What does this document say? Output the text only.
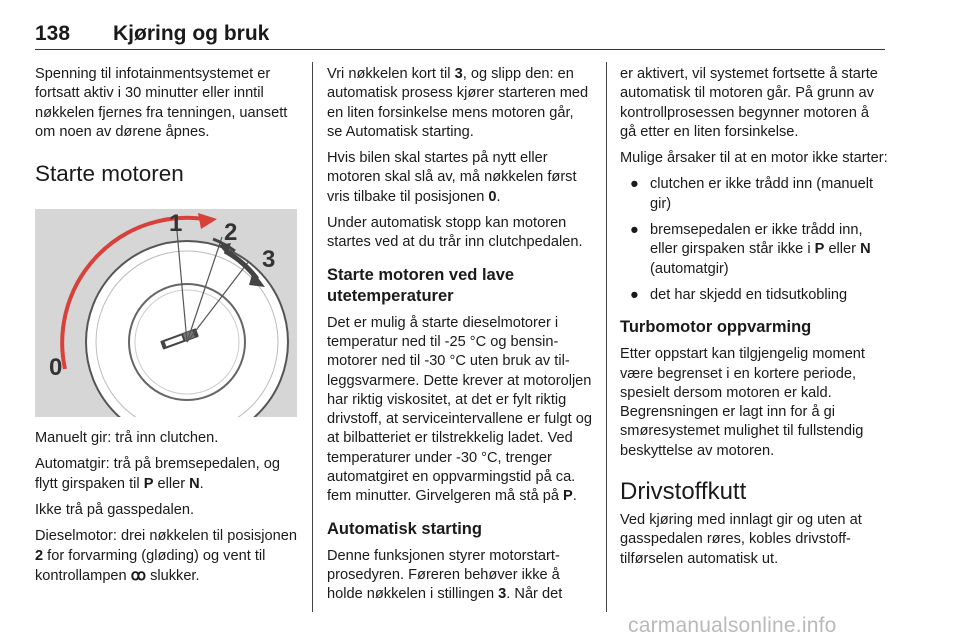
138 Kjøring og bruk

Spenning til infotainmentsystemet er fortsatt aktiv i 30 minutter eller inntil nøkkelen fjernes fra tenningen, uansett om noen av dørene åpnes.

Starte motoren
0
1 2
3

Manuelt gir: trå inn clutchen.

Automatgir: trå på bremsepedalen, og flytt girspaken til P eller N.

Ikke trå på gasspedalen.

Dieselmotor: drei nøkkelen til posisjonen 2 for forvarming (gløding) og vent til kontrollampen ꝏ slukker.

Vri nøkkelen kort til 3, og slipp den: en automatisk prosess kjører starteren med en liten forsinkelse mens motoren går, se Automatisk starting.

Hvis bilen skal startes på nytt eller motoren skal slå av, må nøkkelen først vris tilbake til posisjonen 0.

Under automatisk stopp kan motoren startes ved at du trår inn clutchpedalen.

Starte motoren ved lave utetemperaturer

Det er mulig å starte dieselmotorer i temperatur ned til -25 °C og bensinmotorer ned til -30 °C uten bruk av tilleggsvarmere. Dette krever at motoroljen har riktig viskositet, at det er fylt riktig drivstoff, at serviceintervallene er fulgt og at bilbatteriet er tilstrekkelig ladet. Ved temperaturer under -30 °C, trenger automatgiret en oppvarmingstid på ca. fem minutter. Girvelgeren må stå på P.

Automatisk starting

Denne funksjonen styrer motorstartprosedyren. Føreren behøver ikke å holde nøkkelen i stillingen 3. Når det

er aktivert, vil systemet fortsette å starte automatisk til motoren går. På grunn av kontrollprosessen begynner motoren å gå etter en liten forsinkelse.

Mulige årsaker til at en motor ikke starter:

● clutchen er ikke trådd inn (manuelt gir)
● bremsepedalen er ikke trådd inn, eller girspaken står ikke i P eller N (automatgir)
● det har skjedd en tidsutkobling
Turbomotor oppvarming

Etter oppstart kan tilgjengelig moment være begrenset i en kortere periode, spesielt dersom motoren er kald. Begrensningen er lagt inn for å gi smøresystemet mulighet til fullstendig beskyttelse av motoren.

Drivstoffkutt

Ved kjøring med innlagt gir og uten at gasspedalen røres, kobles drivstofftilførselen automatisk ut.

carmanualsonline.info
